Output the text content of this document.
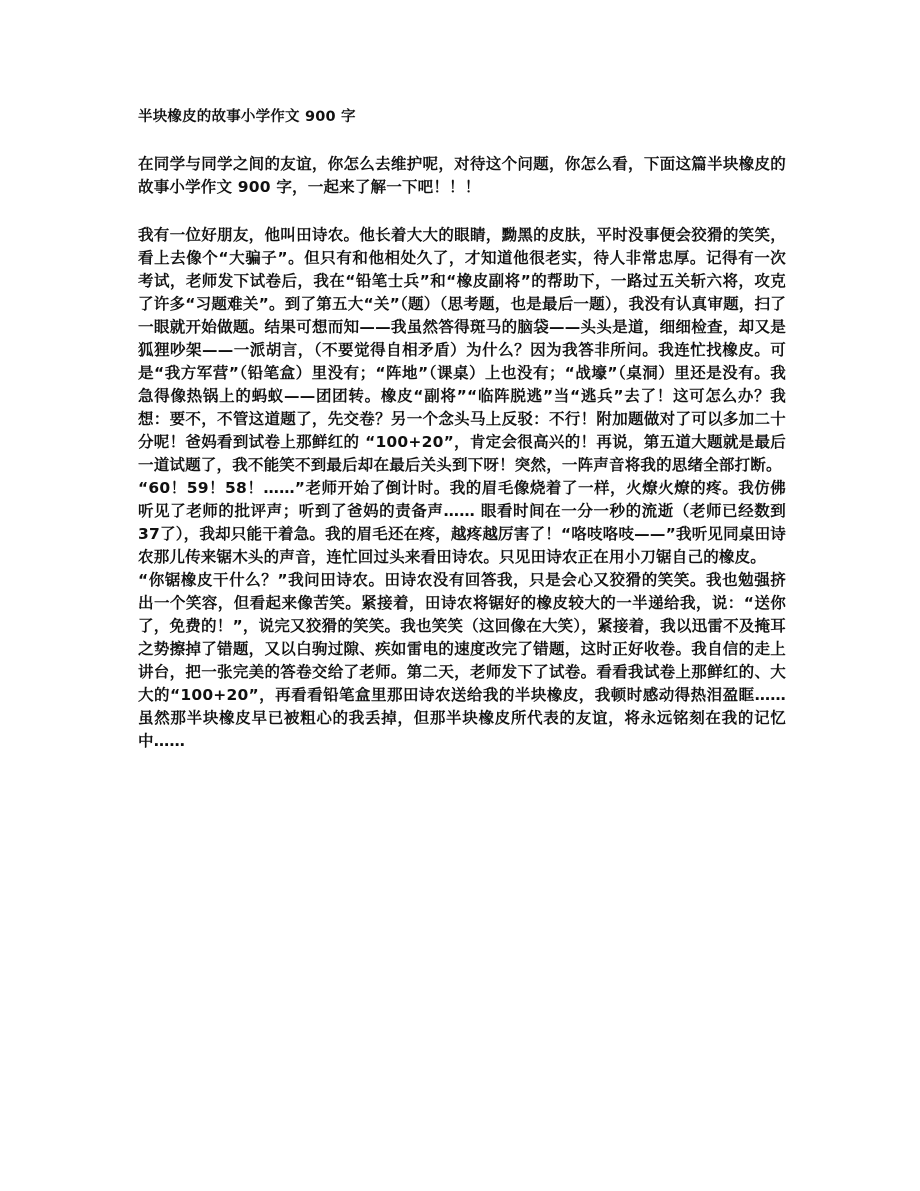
半块橡皮的故事小学作文 900 字

在同学与同学之间的友谊，你怎么去维护呢，对待这个问题，你怎么看，下面这篇半块橡皮的故事小学作文 900 字，一起来了解一下吧！！！

我有一位好朋友，他叫田诗农。他长着大大的眼睛，黝黑的皮肤，平时没事便会狡猾的笑笑，看上去像个“大骗子”。但只有和他相处久了，才知道他很老实，待人非常忠厚。记得有一次考试，老师发下试卷后，我在“铅笔士兵”和“橡皮副将”的帮助下，一路过五关斩六将，攻克了许多“习题难关”。到了第五大“关”（题）（思考题，也是最后一题），我没有认真审题，扫了一眼就开始做题。结果可想而知——我虽然答得斑马的脑袋——头头是道，细细检查，却又是狐狸吵架——一派胡言，（不要觉得自相矛盾）为什么？因为我答非所问。我连忙找橡皮。可是“我方军营”（铅笔盒）里没有；“阵地”（课桌）上也没有；“战壕”（桌洞）里还是没有。我急得像热锅上的蚂蚁——团团转。橡皮“副将”“临阵脱逃”当“逃兵”去了！这可怎么办？我想：要不，不管这道题了，先交卷？另一个念头马上反驳：不行！附加题做对了可以多加二十分呢！爸妈看到试卷上那鲜红的 “100+20”，肯定会很高兴的！再说，第五道大题就是最后一道试题了，我不能笑不到最后却在最后关头到下呀！突然，一阵声音将我的思绪全部打断。

“60！59！58！……”老师开始了倒计时。我的眉毛像烧着了一样，火燎火燎的疼。我仿佛听见了老师的批评声；听到了爸妈的责备声…… 眼看时间在一分一秒的流逝（老师已经数到 37了），我却只能干着急。我的眉毛还在疼，越疼越厉害了！“咯吱咯吱——”我听见同桌田诗农那儿传来锯木头的声音，连忙回过头来看田诗农。只见田诗农正在用小刀锯自己的橡皮。

“你锯橡皮干什么？”我问田诗农。田诗农没有回答我，只是会心又狡猾的笑笑。我也勉强挤出一个笑容，但看起来像苦笑。紧接着，田诗农将锯好的橡皮较大的一半递给我，说：“送你了，免费的！”，说完又狡猾的笑笑。我也笑笑（这回像在大笑），紧接着，我以迅雷不及掩耳之势擦掉了错题，又以白驹过隙、疾如雷电的速度改完了错题，这时正好收卷。我自信的走上讲台，把一张完美的答卷交给了老师。第二天，老师发下了试卷。看看我试卷上那鲜红的、大大的“100+20”，再看看铅笔盒里那田诗农送给我的半块橡皮，我顿时感动得热泪盈眶……虽然那半块橡皮早已被粗心的我丢掉，但那半块橡皮所代表的友谊，将永远铭刻在我的记忆中……
